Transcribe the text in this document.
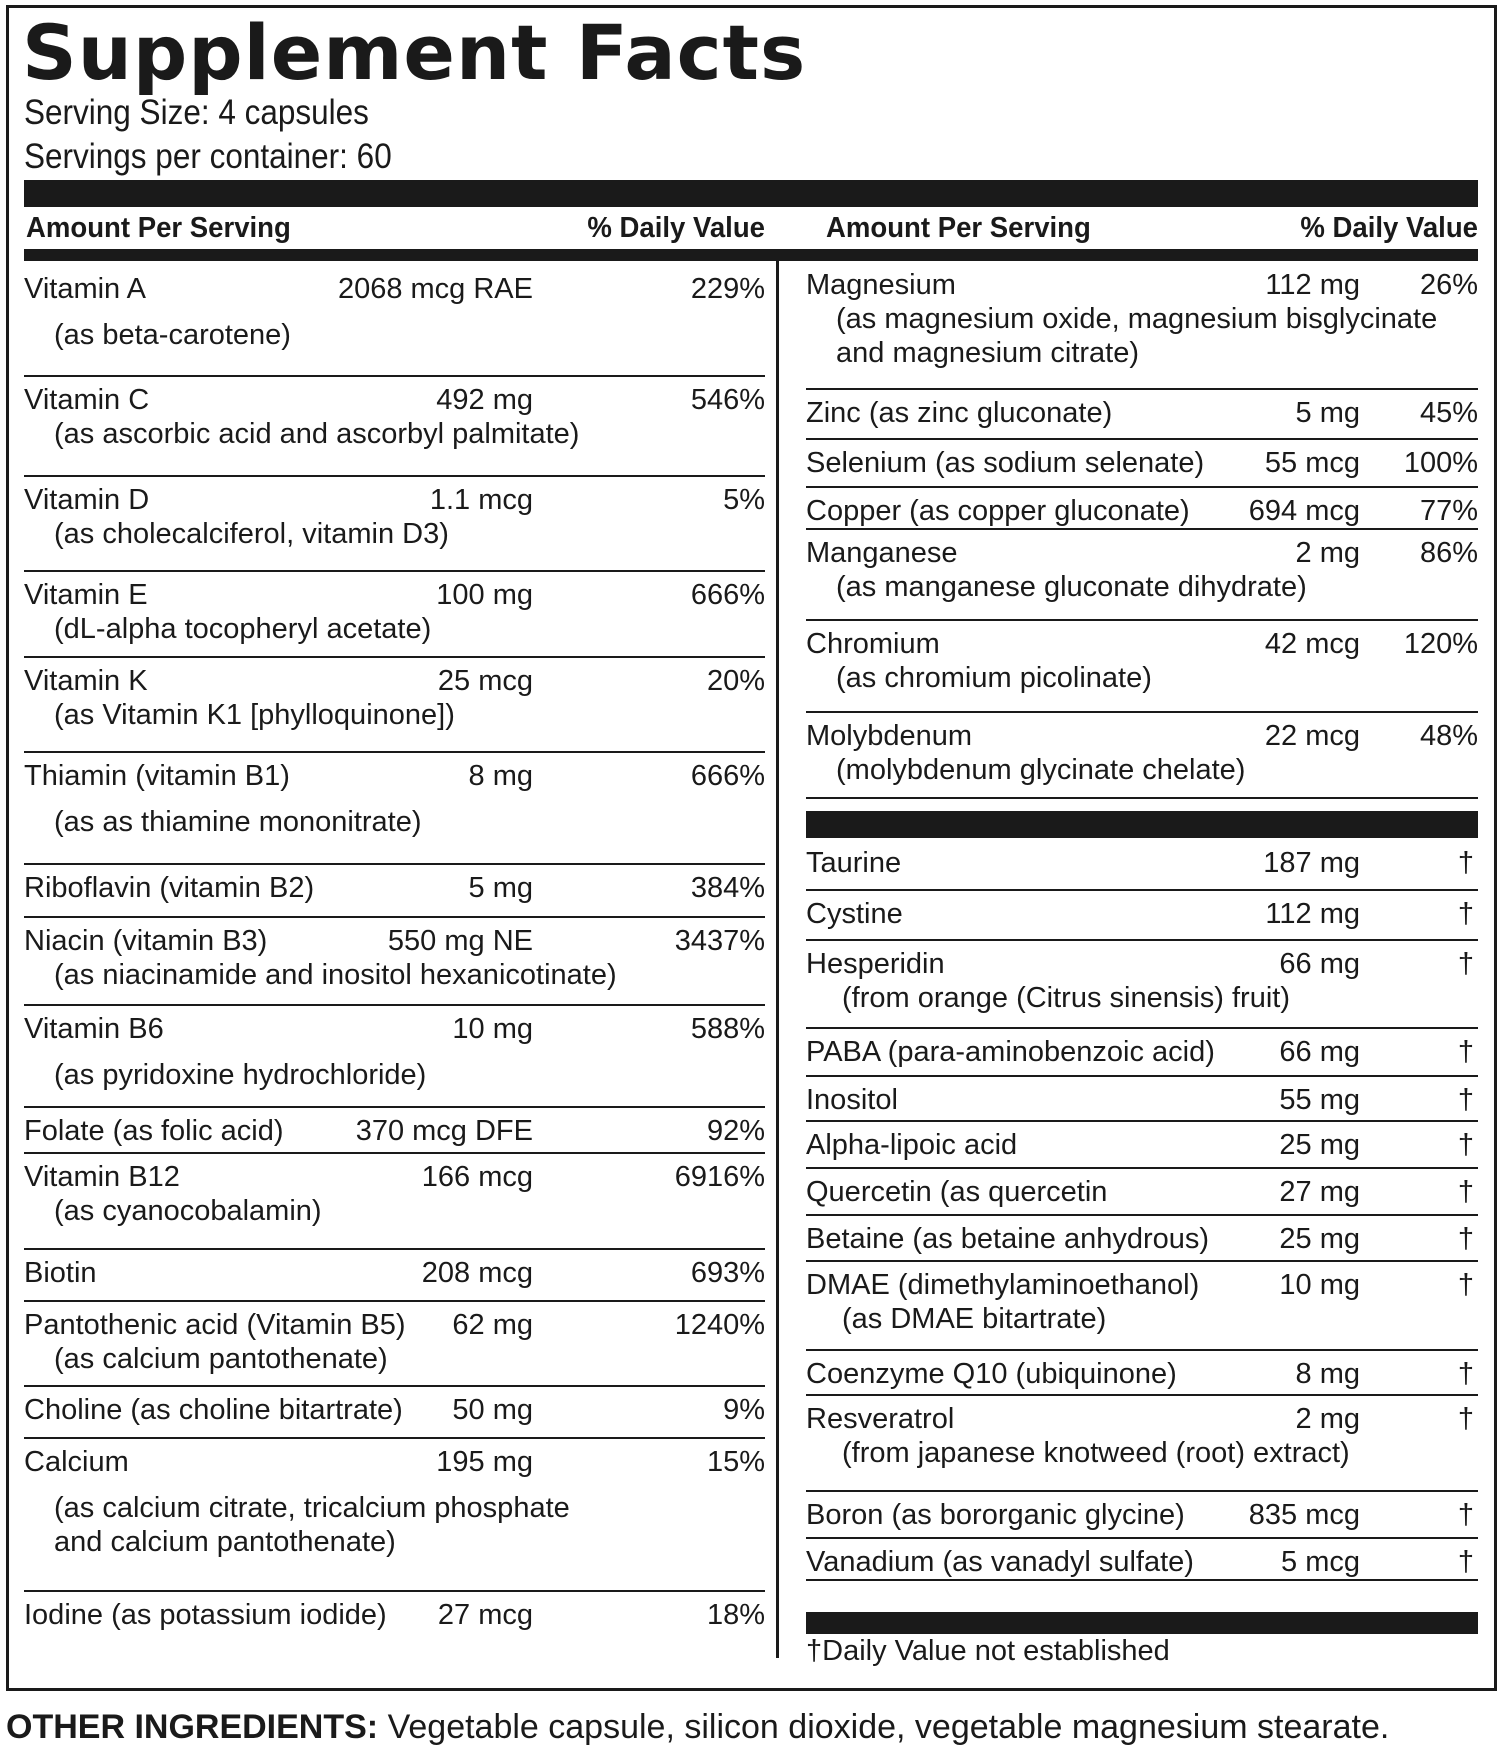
Supplement Facts
Serving Size: 4 capsules
Servings per container: 60
Amount Per Serving	% Daily Value Amount Per Serving	% Daily Value
Vitamin A	2068 mcg RAE	229%
(as beta-carotene)
Vitamin C	492 mg	546%
(as ascorbic acid and ascorbyl palmitate)
Vitamin D	1.1 mcg	5%
(as cholecalciferol, vitamin D3)
Vitamin E	100 mg	666%
(dL-alpha tocopheryl acetate)
Vitamin K	25 mcg	20%
(as Vitamin K1 [phylloquinone])
Thiamin (vitamin B1)	8 mg	666%
(as as thiamine mononitrate)
Riboflavin (vitamin B2)	5 mg	384%
Niacin (vitamin B3)	550 mg NE	3437%
(as niacinamide and inositol hexanicotinate)
Vitamin B6	10 mg	588%
(as pyridoxine hydrochloride)
Folate (as folic acid) 370 mcg DFE	92%
Vitamin B12	166 mcg	6916%
(as cyanocobalamin)
Biotin	208 mcg	693%
Pantothenic acid (Vitamin B5) 62 mg	1240%
(as calcium pantothenate)
Choline (as choline bitartrate) 50 mg	9%
Calcium	195 mg	15%
(as calcium citrate, tricalcium phosphate
and calcium pantothenate)
Iodine (as potassium iodide) 27 mcg	18%
Magnesium	112 mg 26%
(as magnesium oxide, magnesium bisglycinate
and magnesium citrate)
Zinc (as zinc gluconate)	5 mg 45%
Selenium (as sodium selenate) 55 mcg 100%
Copper (as copper gluconate) 694 mcg 77%
Manganese	2 mg 86%
(as manganese gluconate dihydrate)
Chromium	42 mcg 120%
(as chromium picolinate)
Molybdenum	22 mcg 48%
(molybdenum glycinate chelate)
Taurine	187 mg	†
Cystine	112 mg	†
Hesperidin	66 mg	†
(from orange (Citrus sinensis) fruit)
PABA (para-aminobenzoic acid) 66 mg	†
Inositol	55 mg	†
Alpha-lipoic acid	25 mg	†
Quercetin (as quercetin	27 mg	†
Betaine (as betaine anhydrous) 25 mg	†
DMAE (dimethylaminoethanol)	10 mg	†
(as DMAE bitartrate)
Coenzyme Q10 (ubiquinone)	8 mg	†
Resveratrol	2 mg	†
(from japanese knotweed (root) extract)
Boron (as bororganic glycine) 835 mcg	†
Vanadium (as vanadyl sulfate)	5 mcg	†
†Daily Value not established
OTHER INGREDIENTS: Vegetable capsule, silicon dioxide, vegetable magnesium stearate.
